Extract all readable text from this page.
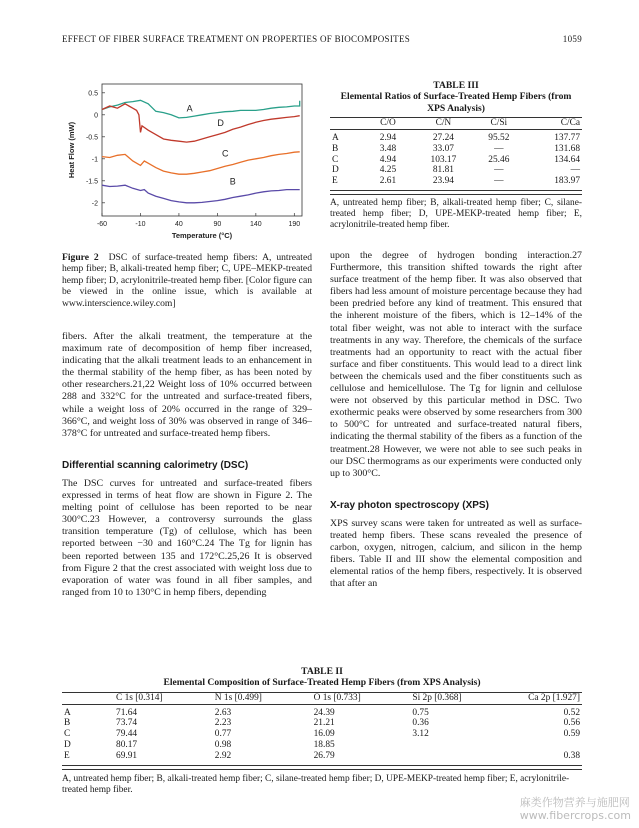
EFFECT OF FIBER SURFACE TREATMENT ON PROPERTIES OF BIOCOMPOSITES	1059
-60	-10	40	90	140	190
0.5
0
-0.5
-1
-1.5
-2
Temperature (°C)
Heat Flow (mW)
A
D
C
B
Figure 2 DSC of surface-treated hemp fibers: A, untreated hemp fiber; B, alkali-treated hemp fiber; C, UPE–MEKP-treated hemp fiber; D, acrylonitrile-treated hemp fiber. [Color figure can be viewed in the online issue, which is available at www.interscience.wiley.com]
TABLE III
Elemental Ratios of Surface-Treated Hemp Fibers (from XPS Analysis)
	C/O	C/N	C/Si	C/Ca
A	2.94	27.24	95.52	137.77
B	3.48	33.07	—	131.68
C	4.94	103.17	25.46	134.64
D	4.25	81.81	—	—
E	2.61	23.94	—	183.97
A, untreated hemp fiber; B, alkali-treated hemp fiber; C, silane-treated hemp fiber; D, UPE-MEKP-treated hemp fiber; E, acrylonitrile-treated hemp fiber.

fibers. After the alkali treatment, the temperature at the maximum rate of decomposition of hemp fiber increased, indicating that the alkali treatment leads to an enhancement in the thermal stability of the hemp fiber, as has been noted by other researchers.21,22 Weight loss of 10% occurred between 288 and 332°C for the untreated and surface-treated fibers, while a weight loss of 20% occurred in the range of 329–366°C, and weight loss of 30% was observed in range of 346–378°C for untreated and surface-treated hemp fibers.

Differential scanning calorimetry (DSC)

The DSC curves for untreated and surface-treated fibers expressed in terms of heat flow are shown in Figure 2. The melting point of cellulose has been reported to be near 300°C.23 However, a controversy surrounds the glass transition temperature (Tg) of cellulose, which has been reported between −30 and 160°C.24 The Tg for lignin has been reported between 135 and 172°C.25,26 It is observed from Figure 2 that the crest associated with weight loss due to evaporation of water was found in all fiber samples, and ranged from 10 to 130°C in hemp fibers, depending

upon the degree of hydrogen bonding interaction.27 Furthermore, this transition shifted towards the right after surface treatment of the hemp fiber. It was also observed that fibers had less amount of moisture percentage because they had been predried before any kind of treatment. This ensured that the inherent moisture of the fibers, which is 12–14% of the total fiber weight, was not able to interact with the surface treatments in any way. Therefore, the chemicals of the surface treatments had an opportunity to react with the actual fiber surface and fiber constituents. This would lead to a direct link between the chemicals used and the fiber constituents such as cellulose and hemicellulose. The Tg for lignin and cellulose were not observed by this particular method in DSC. Two exothermic peaks were observed by some researchers from 300 to 500°C for untreated and surface-treated natural fibers, indicating the thermal stability of the fibers as a function of the treatment.28 However, we were not able to see such peaks in our DSC thermograms as our experiments were conducted only up to 300°C.

X-ray photon spectroscopy (XPS)

XPS survey scans were taken for untreated as well as surface-treated hemp fibers. These scans revealed the presence of carbon, oxygen, nitrogen, calcium, and silicon in the hemp fibers. Table II and III show the elemental composition and elemental ratios of the hemp fibers, respectively. It is observed that after an

TABLE II
Elemental Composition of Surface-Treated Hemp Fibers (from XPS Analysis)
	C 1s [0.314]	N 1s [0.499]	O 1s [0.733]	Si 2p [0.368]	Ca 2p [1.927]
A	71.64	2.63	24.39	0.75	0.52
B	73.74	2.23	21.21	0.36	0.56
C	79.44	0.77	16.09	3.12	0.59
D	80.17	0.98	18.85		
E	69.91	2.92	26.79		0.38
A, untreated hemp fiber; B, alkali-treated hemp fiber; C, silane-treated hemp fiber; D, UPE-MEKP-treated hemp fiber; E, acrylonitrile-treated hemp fiber.
麻类作物营养与施肥网
www.fibercrops.com
